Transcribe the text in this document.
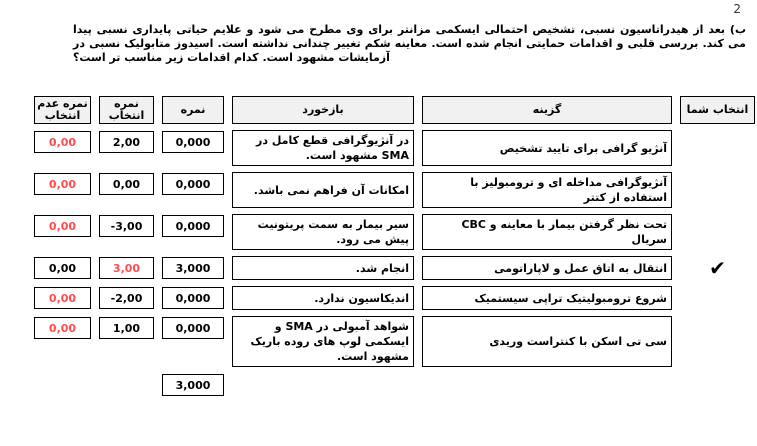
2
ب) بعد از هیدراتاسیون نسبی، تشخیص احتمالی ایسکمی مزانتر برای وی مطرح می شود و علایم حیاتی پایداری نسبی پیدا می کند. بررسی قلبی و اقدامات حمایتی انجام شده است. معاینه شکم تغییر چندانی نداشته است. اسیدوز متابولیک نسبی در آزمایشات مشهود است. کدام اقدامات زیر مناسب تر است؟
انتخاب شما
گزینه
بازخورد
نمره
نمره انتخاب
نمره عدم انتخاب
آنژیو گرافی برای تایید تشخیص
در آنژیوگرافی قطع کامل در SMA مشهود است.
0,000
2,00
0,00
آنژیوگرافی مداخله ای و ترومبولیز با استفاده از کتتر
امکانات آن فراهم نمی باشد.
0,000
0,00
0,00
تحت نظر گرفتن بیمار با معاینه و CBC سریال
سیر بیمار به سمت پریتونیت پیش می رود.
0,000
-3,00
0,00
✔
انتقال به اتاق عمل و لاپاراتومی
انجام شد.
3,000
3,00
0,00
شروع ترومبولیتیک تراپی سیستمیک
اندیکاسیون ندارد.
0,000
-2,00
0,00
سی تی اسکن با کنتراست وریدی
شواهد آمبولی در SMA و ایسکمی لوپ های روده باریک مشهود است.
0,000
1,00
0,00
3,000
